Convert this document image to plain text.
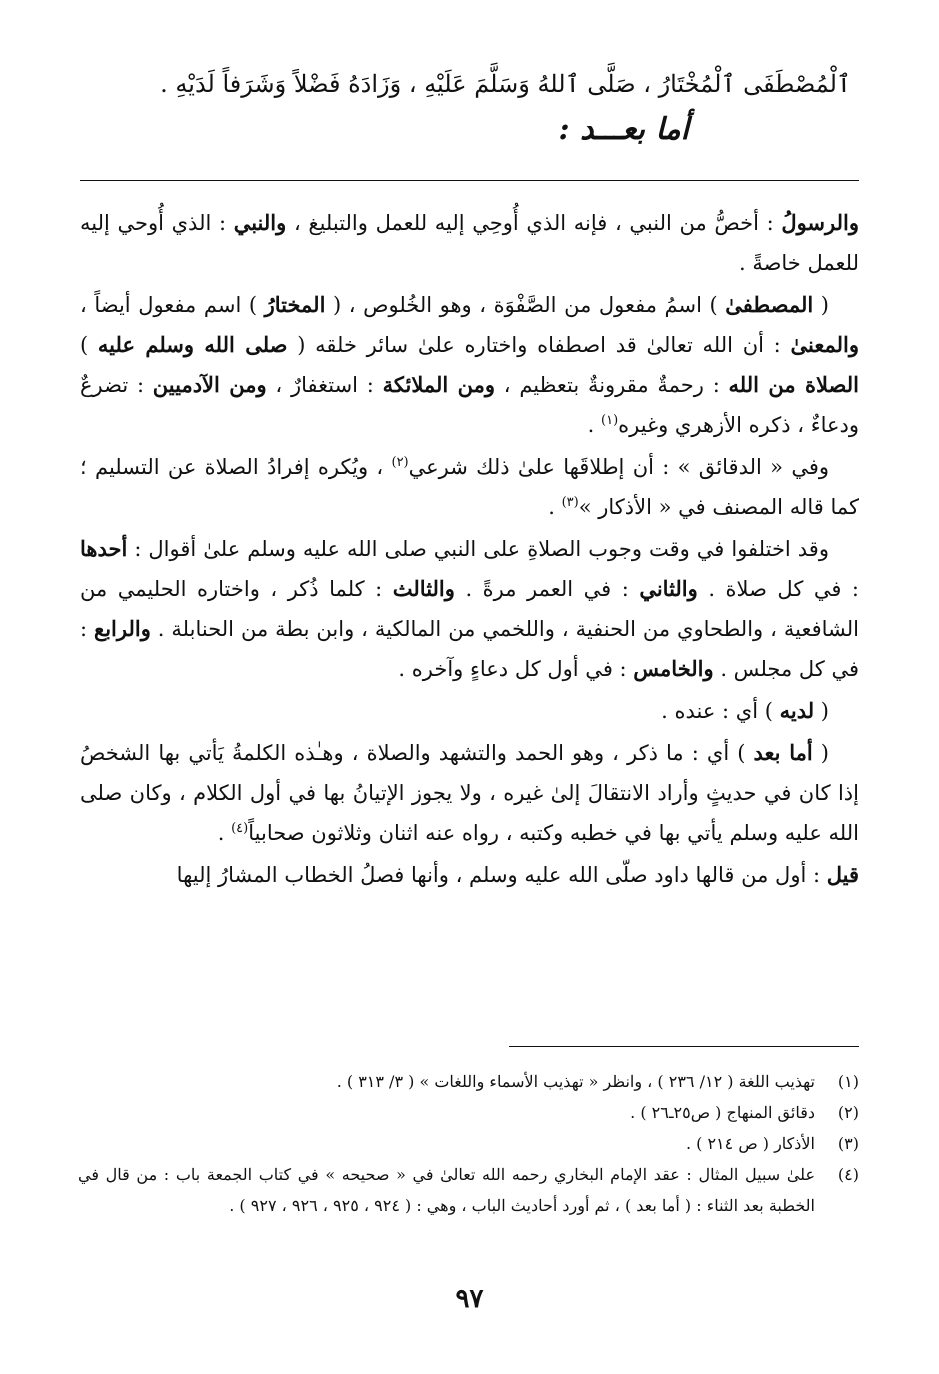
ٱلْمُصْطَفَى ٱلْمُخْتَارُ ، صَلَّى ٱللهُ وَسَلَّمَ عَلَيْهِ ، وَزَادَهُ فَضْلاً وَشَرَفاً لَدَيْهِ .
أما بعـــد :

والرسولُ : أخصُّ من النبي ، فإنه الذي أُوحِي إليه للعمل والتبليغ ، والنبي : الذي أُوحي إليه للعمل خاصةً .

( المصطفىٰ ) اسمُ مفعول من الصَّفْوَة ، وهو الخُلوص ، ( المختارُ ) اسم مفعول أيضاً ، والمعنىٰ : أن الله تعالىٰ قد اصطفاه واختاره علىٰ سائر خلقه ( صلى الله وسلم عليه ) الصلاة من الله : رحمةٌ مقرونةٌ بتعظيم ، ومن الملائكة : استغفارٌ ، ومن الآدميين : تضرعٌ ودعاءٌ ، ذكره الأزهري وغيره$^{(١)}$ .

وفي « الدقائق » : أن إطلاقَها علىٰ ذلك شرعي$^{(٢)}$ ، ويُكره إفرادُ الصلاة عن التسليم ؛ كما قاله المصنف في « الأذكار »$^{(٣)}$ .

وقد اختلفوا في وقت وجوب الصلاةِ على النبي صلى الله عليه وسلم علىٰ أقوال : أحدها : في كل صلاة . والثاني : في العمر مرةً . والثالث : كلما ذُكر ، واختاره الحليمي من الشافعية ، والطحاوي من الحنفية ، واللخمي من المالكية ، وابن بطة من الحنابلة . والرابع : في كل مجلس . والخامس : في أول كل دعاءٍ وآخره .

( لديه ) أي : عنده .

( أما بعد ) أي : ما ذكر ، وهو الحمد والتشهد والصلاة ، وهـٰذه الكلمةُ يَأتي بها الشخصُ إذا كان في حديثٍ وأراد الانتقالَ إلىٰ غيره ، ولا يجوز الإتيانُ بها في أول الكلام ، وكان صلى الله عليه وسلم يأتي بها في خطبه وكتبه ، رواه عنه اثنان وثلاثون صحابياً$^{(٤)}$ .

قيل : أول من قالها داود صلّى الله عليه وسلم ، وأنها فصلُ الخطاب المشارُ إليها

(١)
تهذيب اللغة ( ١٢/ ٢٣٦ ) ، وانظر « تهذيب الأسماء واللغات » ( ٣/ ٣١٣ ) .
(٢)
دقائق المنهاج ( ص٢٥ـ٢٦ ) .
(٣)
الأذكار ( ص ٢١٤ ) .
(٤)
علىٰ سبيل المثال : عقد الإمام البخاري رحمه الله تعالىٰ في « صحيحه » في كتاب الجمعة باب : من قال في الخطبة بعد الثناء : ( أما بعد ) ، ثم أورد أحاديث الباب ، وهي : ( ٩٢٤ ، ٩٢٥ ، ٩٢٦ ، ٩٢٧ ) .
٩٧
